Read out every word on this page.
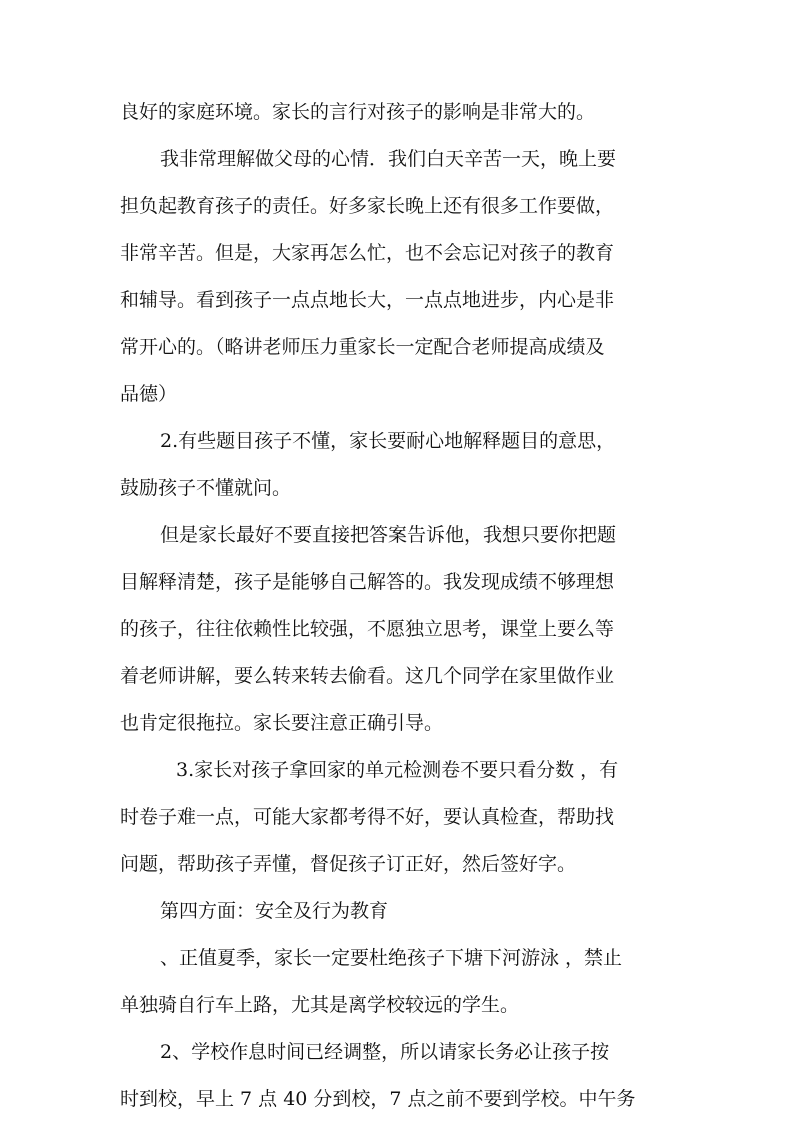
良好的家庭环境。家长的言行对孩子的影响是非常大的。
我非常理解做父母的心情．我们白天辛苦一天，晚上要
担负起教育孩子的责任。好多家长晚上还有很多工作要做，
非常辛苦。但是，大家再怎么忙，也不会忘记对孩子的教育
和辅导。看到孩子一点点地长大，一点点地进步，内心是非
常开心的。（略讲老师压力重家长一定配合老师提高成绩及
品德）
2.有些题目孩子不懂，家长要耐心地解释题目的意思，
鼓励孩子不懂就问。
但是家长最好不要直接把答案告诉他，我想只要你把题
目解释清楚，孩子是能够自己解答的。我发现成绩不够理想
的孩子，往往依赖性比较强，不愿独立思考，课堂上要么等
着老师讲解，要么转来转去偷看。这几个同学在家里做作业
也肯定很拖拉。家长要注意正确引导。
3.家长对孩子拿回家的单元检测卷不要只看分数 ，有
时卷子难一点，可能大家都考得不好，要认真检查，帮助找
问题，帮助孩子弄懂，督促孩子订正好，然后签好字。
第四方面：安全及行为教育
、正值夏季，家长一定要杜绝孩子下塘下河游泳 ，禁止
单独骑自行车上路，尤其是离学校较远的学生。
2、学校作息时间已经调整，所以请家长务必让孩子按
时到校，早上 7 点 40 分到校，7 点之前不要到学校。中午务
